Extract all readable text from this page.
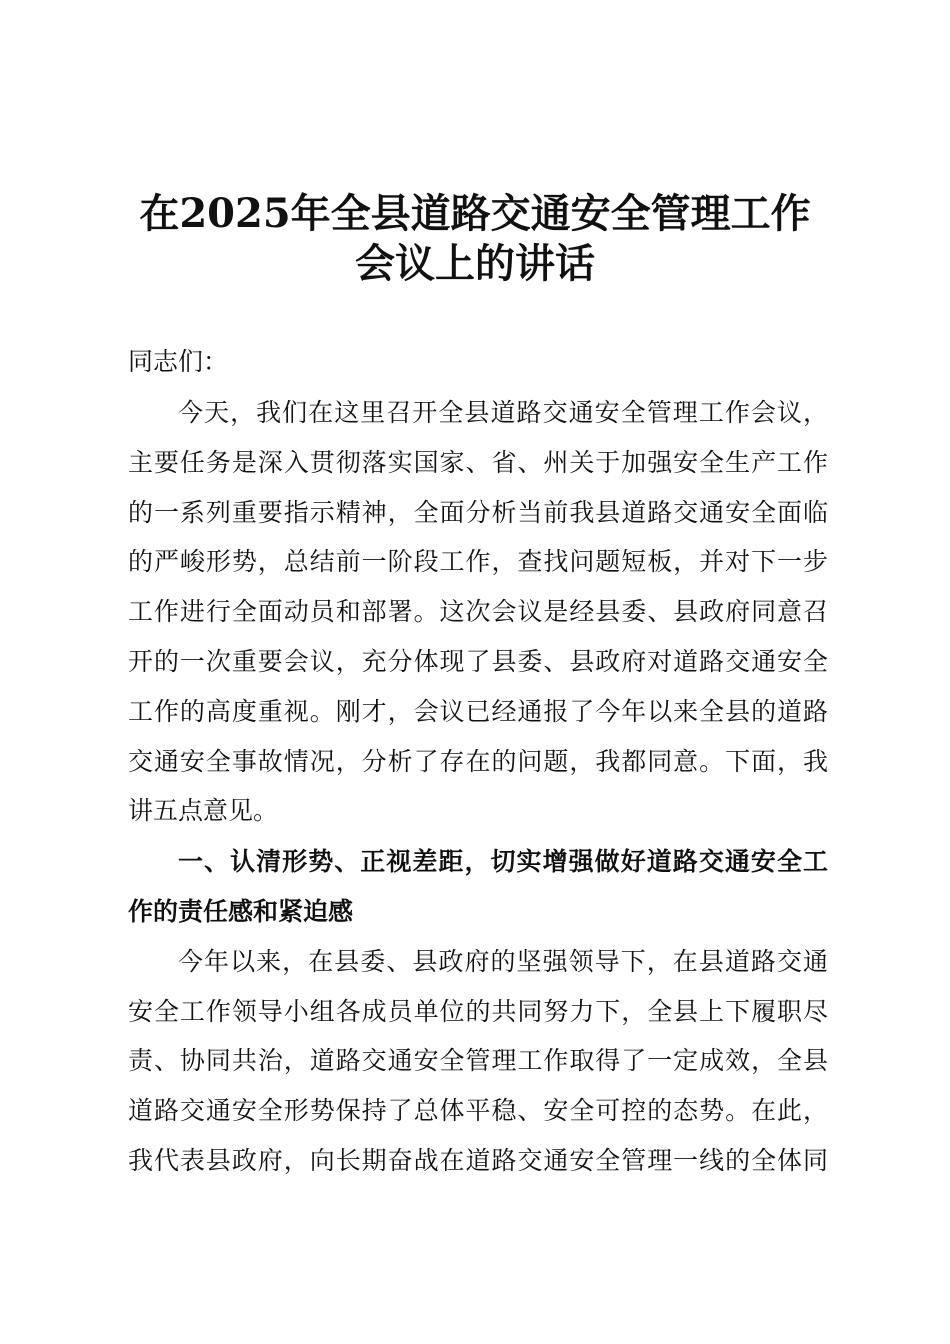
在2025年全县道路交通安全管理工作
会议上的讲话
同志们：
今天，我们在这里召开全县道路交通安全管理工作会议，
主要任务是深入贯彻落实国家、省、州关于加强安全生产工作
的一系列重要指示精神，全面分析当前我县道路交通安全面临
的严峻形势，总结前一阶段工作，查找问题短板，并对下一步
工作进行全面动员和部署。这次会议是经县委、县政府同意召
开的一次重要会议，充分体现了县委、县政府对道路交通安全
工作的高度重视。刚才，会议已经通报了今年以来全县的道路
交通安全事故情况，分析了存在的问题，我都同意。下面，我
讲五点意见。
一、认清形势、正视差距，切实增强做好道路交通安全工
作的责任感和紧迫感
今年以来，在县委、县政府的坚强领导下，在县道路交通
安全工作领导小组各成员单位的共同努力下，全县上下履职尽
责、协同共治，道路交通安全管理工作取得了一定成效，全县
道路交通安全形势保持了总体平稳、安全可控的态势。在此，
我代表县政府，向长期奋战在道路交通安全管理一线的全体同
